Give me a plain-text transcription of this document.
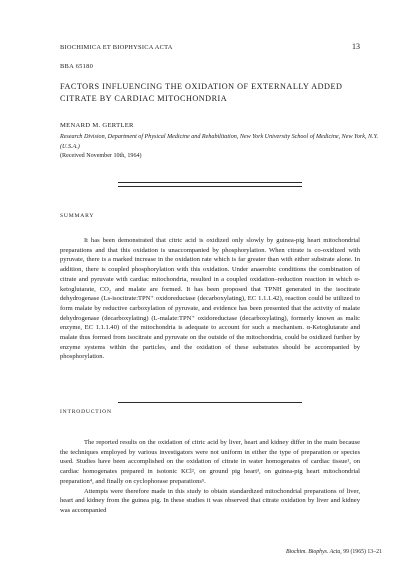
BIOCHIMICA ET BIOPHYSICA ACTA	13
BBA 65180
FACTORS INFLUENCING THE OXIDATION OF EXTERNALLY ADDED CITRATE BY CARDIAC MITOCHONDRIA
MENARD M. GERTLER
Research Division, Department of Physical Medicine and Rehabilitation, New York University School of Medicine, New York, N.Y. (U.S.A.)
(Received November 10th, 1964)
SUMMARY

It has been demonstrated that citric acid is oxidized only slowly by guinea-pig heart mitochondrial preparations and that this oxidation is unaccompanied by phosphorylation. When citrate is co-oxidized with pyruvate, there is a marked increase in the oxidation rate which is far greater than with either substrate alone. In addition, there is coupled phosphorylation with this oxidation. Under anaerobic conditions the combination of citrate and pyruvate with cardiac mitochondria, resulted in a coupled oxidation–reduction reaction in which α-ketoglutarate, CO₂ and malate are formed. It has been proposed that TPNH generated in the isocitrate dehydrogenase (Ls-isocitrate:TPN⁺ oxidoreductase (decarboxylating), EC 1.1.1.42), reaction could be utilized to form malate by reductive carboxylation of pyruvate, and evidence has been presented that the activity of malate dehydrogenase (decarboxylating) (L-malate:TPN⁺ oxidoreductase (decarboxylating), formerly known as malic enzyme, EC 1.1.1.40) of the mitochondria is adequate to account for such a mechanism. α-Ketoglutarate and malate thus formed from isocitrate and pyruvate on the outside of the mitochondria, could be oxidized further by enzyme systems within the particles, and the oxidation of these substrates should be accompanied by phosphorylation.

INTRODUCTION

The reported results on the oxidation of citric acid by liver, heart and kidney differ in the main because the techniques employed by various investigators were not uniform in either the type of preparation or species used. Studies have been accomplished on the oxidation of citrate in water homogenates of cardiac tissue¹, on cardiac homogenates prepared in isotonic KCl², on ground pig heart³, on guinea-pig heart mitochondrial preparation⁴, and finally on cyclophorase preparations⁵.

Attempts were therefore made in this study to obtain standardized mitochondrial preparations of liver, heart and kidney from the guinea pig. In these studies it was observed that citrate oxidation by liver and kidney was accompanied

Biochim. Biophys. Acta, 99 (1965) 13–21
